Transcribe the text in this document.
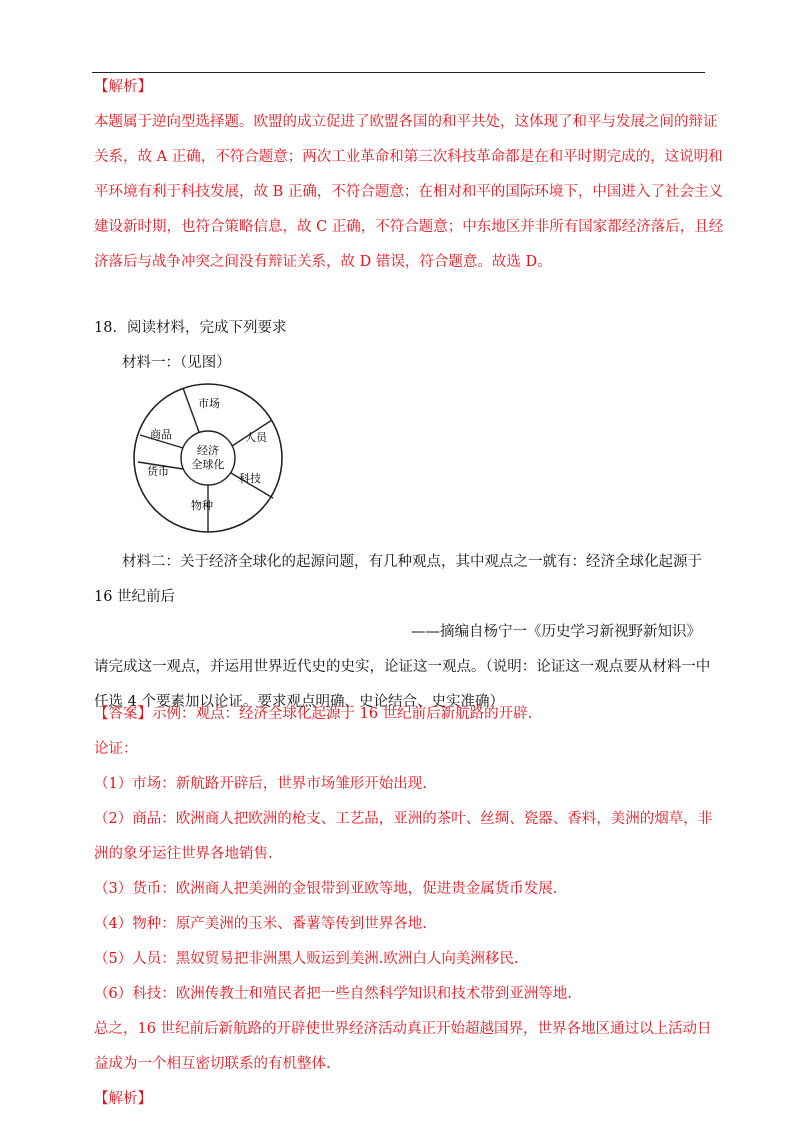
【解析】

本题属于逆向型选择题。欧盟的成立促进了欧盟各国的和平共处，这体现了和平与发展之间的辩证

关系，故 A 正确，不符合题意；两次工业革命和第三次科技革命都是在和平时期完成的，这说明和

平环境有利于科技发展，故 B 正确，不符合题意；在相对和平的国际环境下，中国进入了社会主义

建设新时期，也符合策略信息，故 C 正确，不符合题意；中东地区并非所有国家都经济落后，且经

济落后与战争冲突之间没有辩证关系，故 D 错误，符合题意。故选 D。

18．阅读材料，完成下列要求

材料一：（见图）

经济
全球化
市场
人员
科技
物种
货币
商品

材料二：关于经济全球化的起源问题，有几种观点，其中观点之一就有：经济全球化起源于

16 世纪前后

——摘编自杨宁一《历史学习新视野新知识》

请完成这一观点，并运用世界近代史的史实，论证这一观点。（说明：论证这一观点要从材料一中

任选 4 个要素加以论证。要求观点明确、史论结合、史实准确）

【答案】示例：观点：经济全球化起源于 16 世纪前后新航路的开辟.

论证：

（1）市场：新航路开辟后，世界市场雏形开始出现.

（2）商品：欧洲商人把欧洲的枪支、工艺品，亚洲的茶叶、丝绸、瓷器、香料，美洲的烟草，非

洲的象牙运往世界各地销售.

（3）货币：欧洲商人把美洲的金银带到亚欧等地，促进贵金属货币发展.

（4）物种：原产美洲的玉米、番薯等传到世界各地.

（5）人员：黑奴贸易把非洲黑人贩运到美洲.欧洲白人向美洲移民.

（6）科技：欧洲传教士和殖民者把一些自然科学知识和技术带到亚洲等地.

总之，16 世纪前后新航路的开辟使世界经济活动真正开始超越国界，世界各地区通过以上活动日

益成为一个相互密切联系的有机整体.

【解析】
